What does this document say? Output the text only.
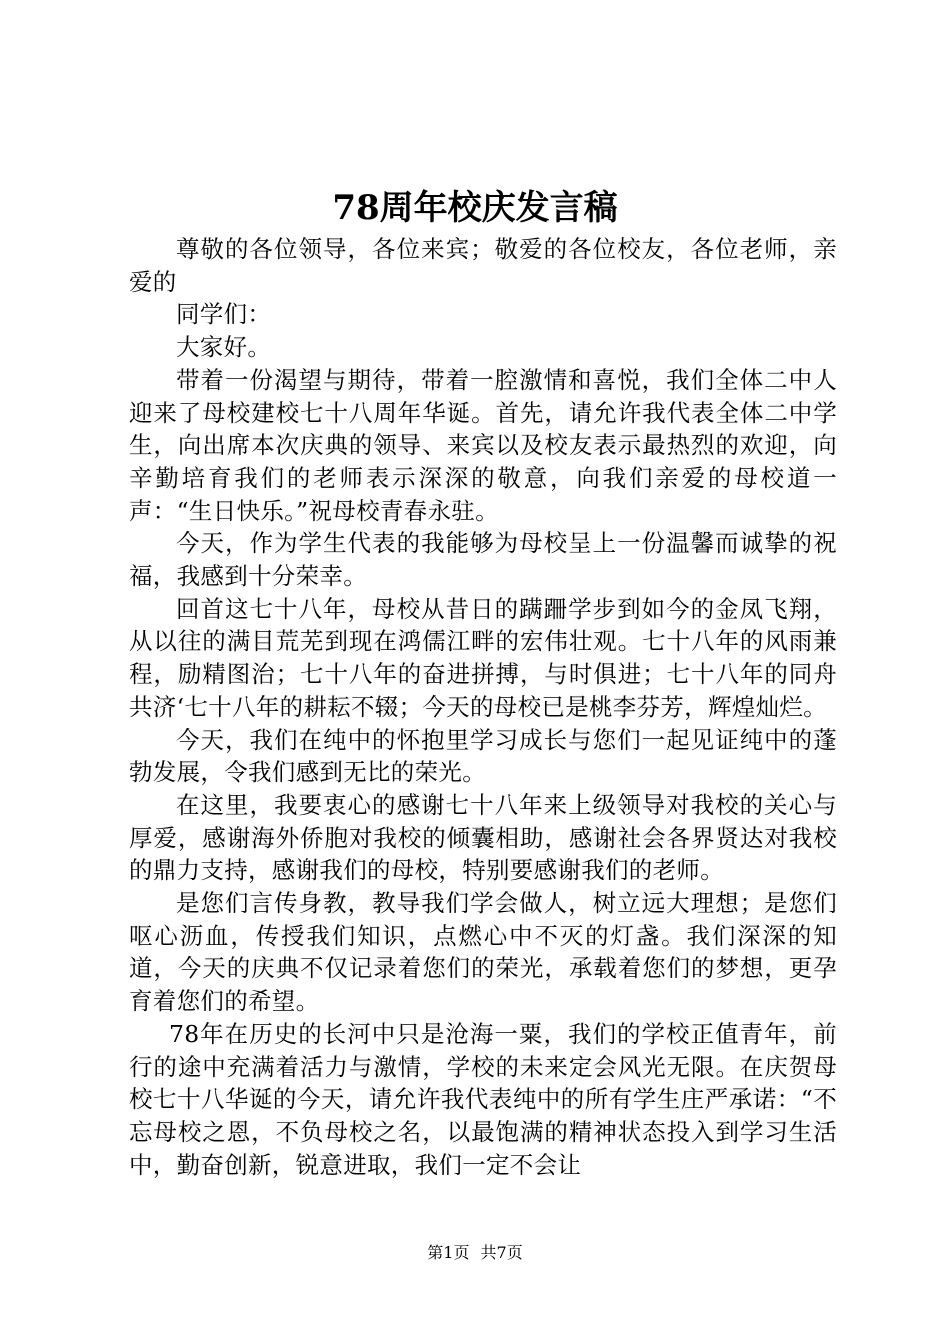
78周年校庆发言稿

尊敬的各位领导，各位来宾；敬爱的各位校友，各位老师，亲爱的

同学们：

大家好。

带着一份渴望与期待，带着一腔激情和喜悦，我们全体二中人迎来了母校建校七十八周年华诞。首先，请允许我代表全体二中学生，向出席本次庆典的领导、来宾以及校友表示最热烈的欢迎，向辛勤培育我们的老师表示深深的敬意，向我们亲爱的母校道一声：“生日快乐。”祝母校青春永驻。

今天，作为学生代表的我能够为母校呈上一份温馨而诚挚的祝福，我感到十分荣幸。

回首这七十八年，母校从昔日的蹒跚学步到如今的金凤飞翔，从以往的满目荒芜到现在鸿儒江畔的宏伟壮观。七十八年的风雨兼程，励精图治；七十八年的奋进拼搏，与时俱进；七十八年的同舟共济‘七十八年的耕耘不辍；今天的母校已是桃李芬芳，辉煌灿烂。

今天，我们在纯中的怀抱里学习成长与您们一起见证纯中的蓬勃发展，令我们感到无比的荣光。

在这里，我要衷心的感谢七十八年来上级领导对我校的关心与厚爱，感谢海外侨胞对我校的倾囊相助，感谢社会各界贤达对我校的鼎力支持，感谢我们的母校，特别要感谢我们的老师。

是您们言传身教，教导我们学会做人，树立远大理想；是您们呕心沥血，传授我们知识，点燃心中不灭的灯盏。我们深深的知道，今天的庆典不仅记录着您们的荣光，承载着您们的梦想，更孕育着您们的希望。

78年在历史的长河中只是沧海一粟，我们的学校正值青年，前行的途中充满着活力与激情，学校的未来定会风光无限。在庆贺母校七十八华诞的今天，请允许我代表纯中的所有学生庄严承诺：“不忘母校之恩，不负母校之名，以最饱满的精神状态投入到学习生活中，勤奋创新，锐意进取，我们一定不会让

第1页 共7页
